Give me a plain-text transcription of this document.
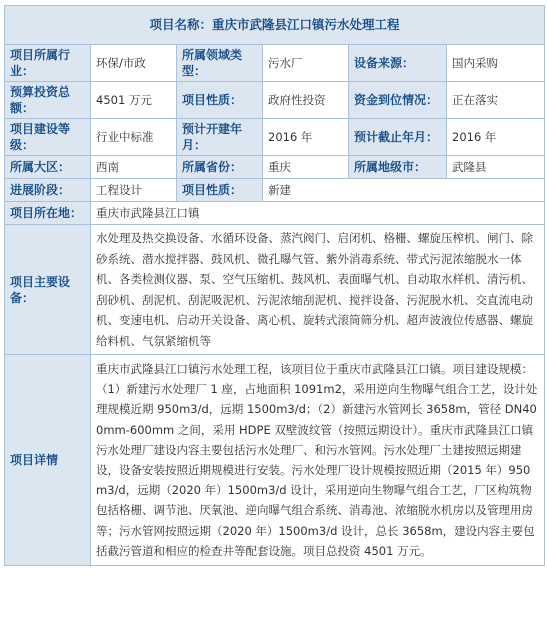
项目名称：重庆市武隆县江口镇污水处理工程					
项目所属行业：	环保/市政	所属领域类型：	污水厂	设备来源：	国内采购
预算投资总额：	4501 万元	项目性质：	政府性投资	资金到位情况：	正在落实
项目建设等级：	行业中标准	预计开建年月：	2016 年	预计截止年月：	2016 年
所属大区：	西南	所属省份：	重庆	所属地级市：	武隆县
进展阶段：	工程设计	项目性质：	新建		
项目所在地：	重庆市武隆县江口镇				
项目主要设备：	水处理及热交换设备、水循环设备、蒸汽阀门、启闭机、格栅、螺旋压榨机、闸门、除砂系统、潜水搅拌器、鼓风机、微孔曝气管、紫外消毒系统、带式污泥浓缩脱水一体机、各类检测仪器、泵、空气压缩机、鼓风机、表面曝气机、自动取水样机、清污机、刮砂机、刮泥机、刮泥吸泥机、污泥浓缩刮泥机、搅拌设备、污泥脱水机、交直流电动机、变速电机、启动开关设备、离心机、旋转式滚筒筛分机、超声波液位传感器、螺旋给料机、气氛紧缩机等				
项目详情	重庆市武隆县江口镇污水处理工程，该项目位于重庆市武隆县江口镇。项目建设规模：（1）新建污水处理厂 1 座，占地面积 1091m2，采用逆向生物曝气组合工艺，设计处理规模近期 950m3/d，远期 1500m3/d；（2）新建污水管网长 3658m，管径 DN400mm-600mm 之间，采用 HDPE 双壁波纹管（按照远期设计）。重庆市武隆县江口镇污水处理厂建设内容主要包括污水处理厂、和污水管网。污水处理厂土建按照远期建设，设备安装按照近期规模进行安装。污水处理厂设计规模按照近期（2015 年）950m3/d，远期（2020 年）1500m3/d 设计，采用逆向生物曝气组合工艺，厂区构筑物包括格栅、调节池、厌氧池、逆向曝气组合系统、消毒池、浓缩脱水机房以及管理用房等；污水管网按照远期（2020 年）1500m3/d 设计，总长 3658m，建设内容主要包括截污管道和相应的检查井等配套设施。项目总投资 4501 万元。				
